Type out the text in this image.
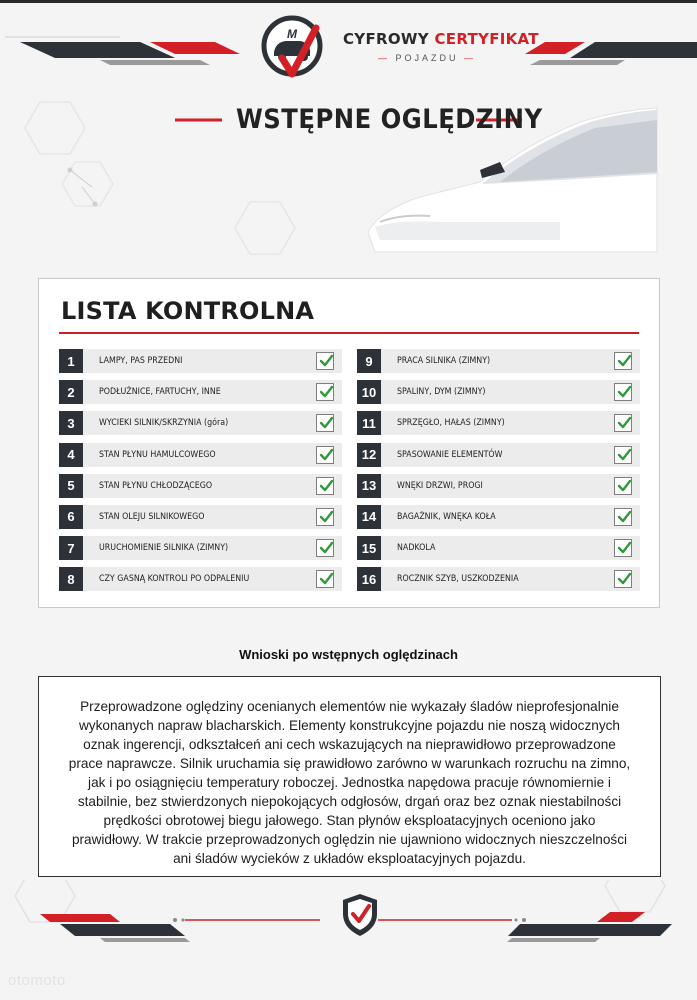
M	CYFROWY CERTYFIKAT
— POJAZDU —
WSTĘPNE OGLĘDZINY
LISTA KONTROLNA
1	LAMPY, PAS PRZEDNI
2	PODŁUŻNICE, FARTUCHY, INNE
3	WYCIEKI SILNIK/SKRZYNIA (góra)
4	STAN PŁYNU HAMULCOWEGO
5	STAN PŁYNU CHŁODZĄCEGO
6	STAN OLEJU SILNIKOWEGO
7	URUCHOMIENIE SILNIKA (ZIMNY)
8	CZY GASNĄ KONTROLI PO ODPALENIU
9	PRACA SILNIKA (ZIMNY)
10	SPALINY, DYM (ZIMNY)
11	SPRZĘGŁO, HAŁAS (ZIMNY)
12	SPASOWANIE ELEMENTÓW
13	WNĘKI DRZWI, PROGI
14	BAGAŻNIK, WNĘKA KOŁA
15	NADKOLA
16	ROCZNIK SZYB, USZKODZENIA
Wnioski po wstępnych oględzinach

Przeprowadzone oględziny ocenianych elementów nie wykazały śladów nieprofesjonalnie wykonanych napraw blacharskich. Elementy konstrukcyjne pojazdu nie noszą widocznych oznak ingerencji, odkształceń ani cech wskazujących na nieprawidłowo przeprowadzone prace naprawcze. Silnik uruchamia się prawidłowo zarówno w warunkach rozruchu na zimno, jak i po osiągnięciu temperatury roboczej. Jednostka napędowa pracuje równomiernie i stabilnie, bez stwierdzonych niepokojących odgłosów, drgań oraz bez oznak niestabilności prędkości obrotowej biegu jałowego. Stan płynów eksploatacyjnych oceniono jako prawidłowy. W trakcie przeprowadzonych oględzin nie ujawniono widocznych nieszczelności ani śladów wycieków z układów eksploatacyjnych pojazdu.

otomoto
